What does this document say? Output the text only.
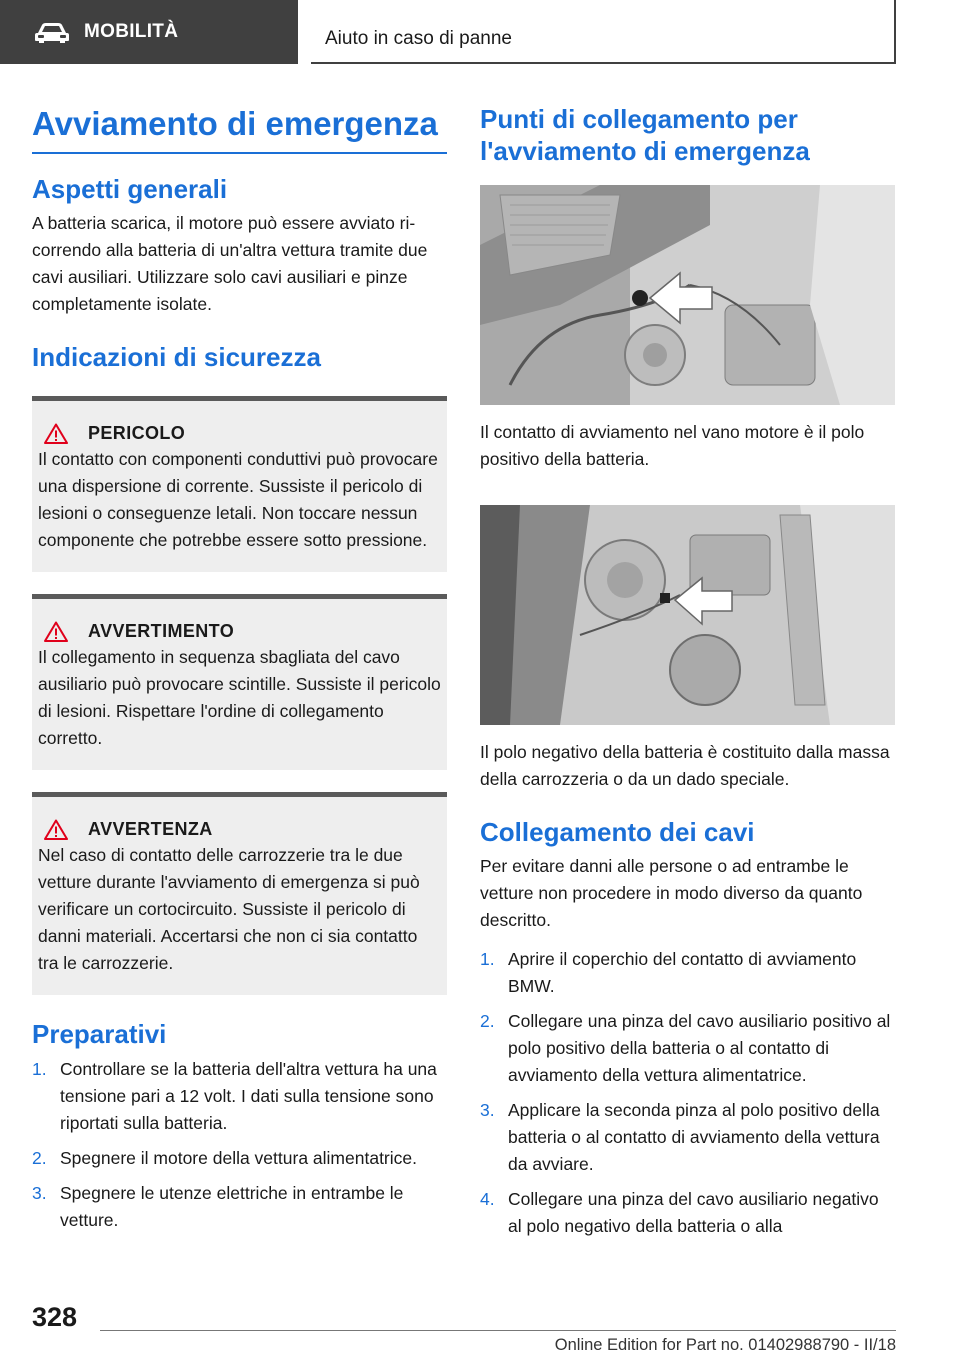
MOBILITÀ	Aiuto in caso di panne
Avviamento di emergenza
Aspetti generali

A batteria scarica, il motore può essere avviato ricorrendo alla batteria di un'altra vettura tramite due cavi ausiliari. Utilizzare solo cavi ausiliari e pinze completamente isolate.

Indicazioni di sicurezza
PERICOLO

Il contatto con componenti conduttivi può provocare una dispersione di corrente. Sussiste il pericolo di lesioni o conseguenze letali. Non toccare nessun componente che potrebbe essere sotto pressione.

AVVERTIMENTO

Il collegamento in sequenza sbagliata del cavo ausiliario può provocare scintille. Sussiste il pericolo di lesioni. Rispettare l'ordine di collegamento corretto.

AVVERTENZA

Nel caso di contatto delle carrozzerie tra le due vetture durante l'avviamento di emergenza si può verificare un cortocircuito. Sussiste il pericolo di danni materiali. Accertarsi che non ci sia contatto tra le carrozzerie.

Preparativi
1. Controllare se la batteria dell'altra vettura ha una tensione pari a 12 volt. I dati sulla tensione sono riportati sulla batteria.
2. Spegnere il motore della vettura alimentatrice.
3. Spegnere le utenze elettriche in entrambe le vetture.
Punti di collegamento per l'avviamento di emergenza

Il contatto di avviamento nel vano motore è il polo positivo della batteria.

Il polo negativo della batteria è costituito dalla massa della carrozzeria o da un dado speciale.

Collegamento dei cavi

Per evitare danni alle persone o ad entrambe le vetture non procedere in modo diverso da quanto descritto.

1. Aprire il coperchio del contatto di avviamento BMW.
2. Collegare una pinza del cavo ausiliario positivo al polo positivo della batteria o al contatto di avviamento della vettura alimentatrice.
3. Applicare la seconda pinza al polo positivo della batteria o al contatto di avviamento della vettura da avviare.
4. Collegare una pinza del cavo ausiliario negativo al polo negativo della batteria o alla
328
Online Edition for Part no. 01402988790 - II/18
